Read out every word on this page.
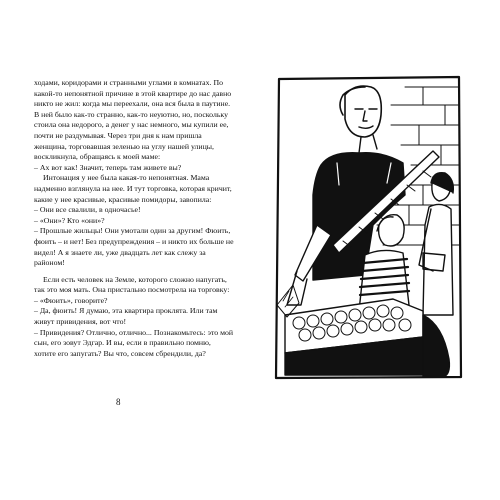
ходами, коридорами и странными углами в комнатах. По какой-то непонятной причине в этой квартире до нас давно никто не жил: когда мы переехали, она вся была в паутине. В ней было как-то странно, как-то неуютно, но, поскольку стоила она недорого, а денег у нас немного, мы купили ее, почти не раздумывая. Через три дня к нам пришла женщина, торговавшая зеленью на углу нашей улицы, воскликнула, обращаясь к моей маме:

– Ах вот как! Значит, теперь там живете вы?

Интонация у нее была какая-то непонятная. Мама надменно взглянула на нее. И тут торговка, которая кричит, какие у нее красивые, красивые помидоры, завопила:

– Они все свалили, в одночасье!

– «Они»? Кто «они»?

– Прошлые жильцы! Они умотали один за другим! Фюить, фюить – и нет! Без предупреждения – и никто их больше не видел! А я знаете ли, уже двадцать лет как слежу за районом!

Если есть человек на Земле, которого сложно напугать, так это моя мать. Она пристально посмотрела на торговку:

– «Фюить», говорите?

– Да, фюить! Я думаю, эта квартира проклята. Или там живут привидения, вот что!

– Привидения? Отлично, отлично... Познакомьтесь: это мой сын, его зовут Эдгар. И вы, если в правильно помню, хотите его запугать? Вы что, совсем сбрендили, да?

8
